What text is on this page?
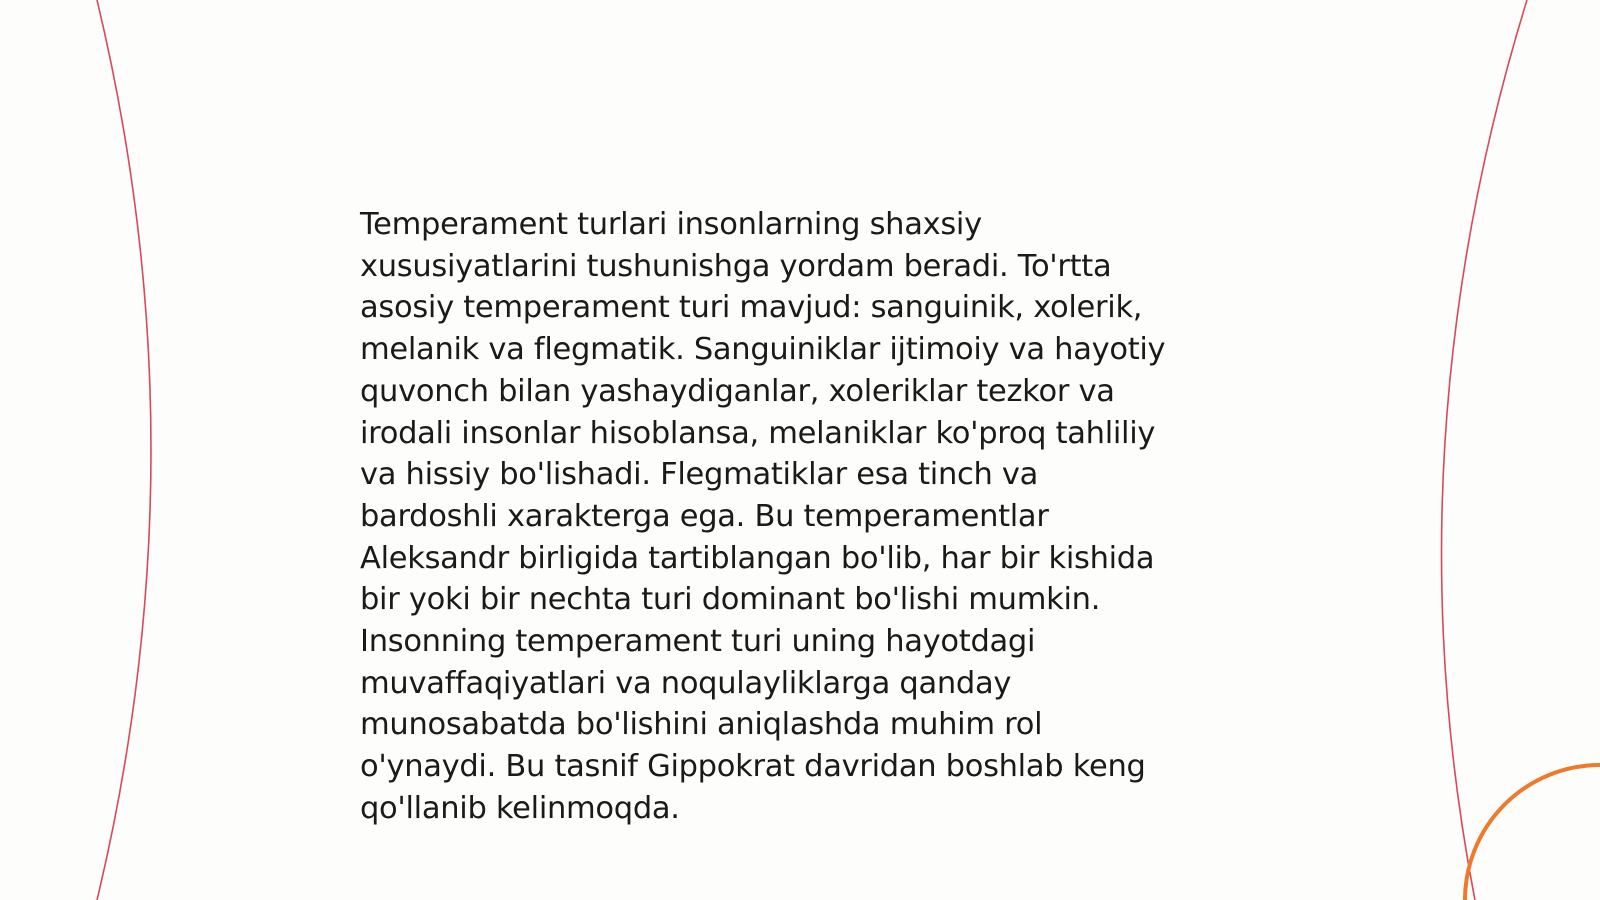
Temperament turlari insonlarning shaxsiy
xususiyatlarini tushunishga yordam beradi. To'rtta
asosiy temperament turi mavjud: sanguinik, xolerik,
melanik va flegmatik. Sanguiniklar ijtimoiy va hayotiy
quvonch bilan yashaydiganlar, xoleriklar tezkor va
irodali insonlar hisoblansa, melaniklar ko'proq tahliliy
va hissiy bo'lishadi. Flegmatiklar esa tinch va
bardoshli xarakterga ega. Bu temperamentlar
Aleksandr birligida tartiblangan bo'lib, har bir kishida
bir yoki bir nechta turi dominant bo'lishi mumkin.
Insonning temperament turi uning hayotdagi
muvaffaqiyatlari va noqulayliklarga qanday
munosabatda bo'lishini aniqlashda muhim rol
o'ynaydi. Bu tasnif Gippokrat davridan boshlab keng
qo'llanib kelinmoqda.
